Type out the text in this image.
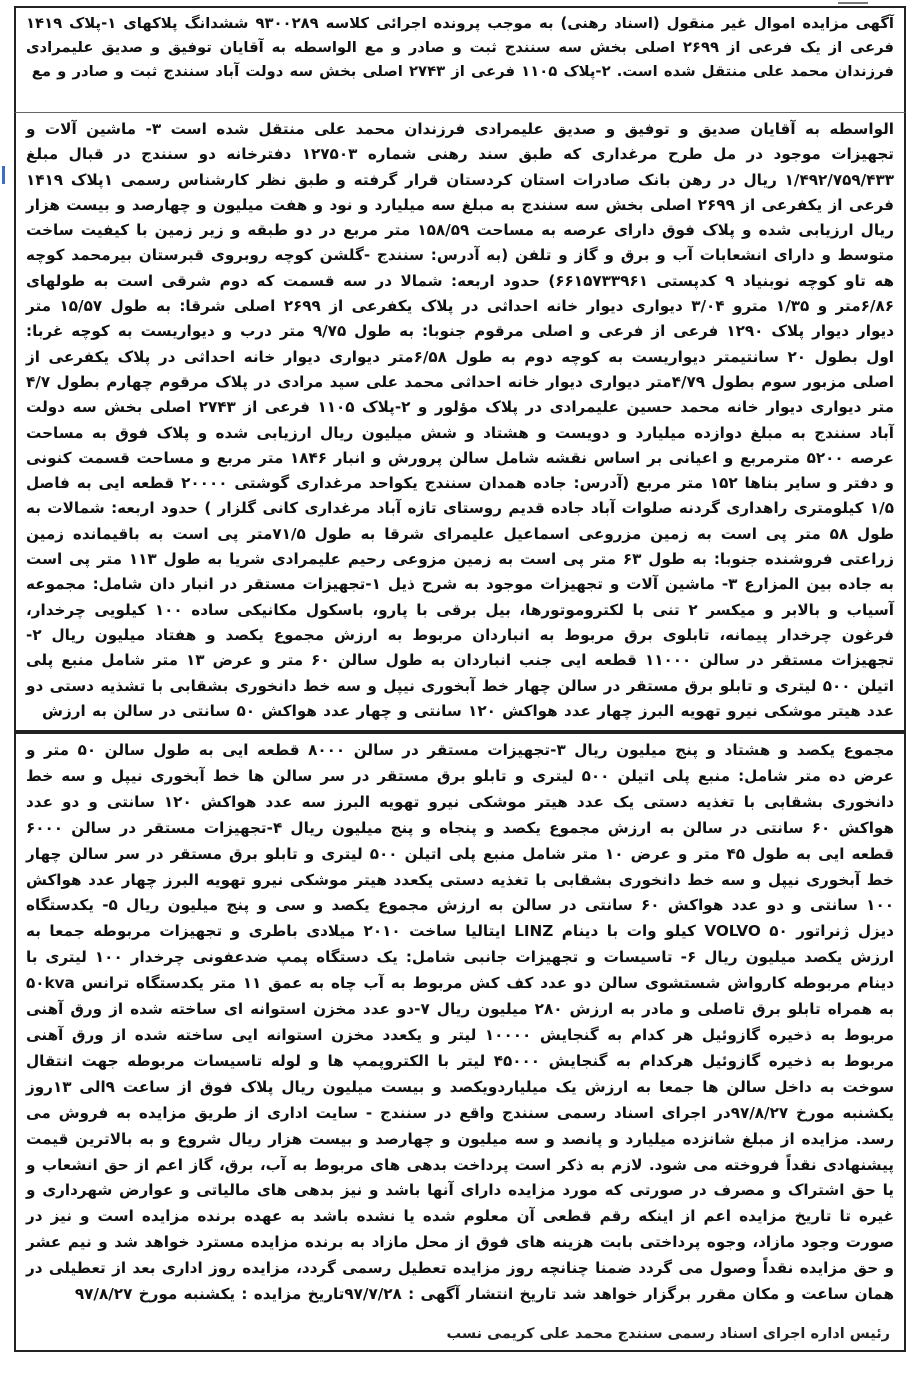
آگهی مزایده اموال غیر منقول (اسناد رهنی) به موجب پرونده اجرائی کلاسه ۹۳۰۰۲۸۹ ششدانگ پلاکهای ۱-پلاک ۱۴۱۹ فرعی از یک فرعی از ۲۶۹۹ اصلی بخش سه سنندج ثبت و صادر و مع الواسطه به آقایان توفیق و صدیق علیمرادی فرزندان محمد علی منتقل شده است. ۲-پلاک ۱۱۰۵ فرعی از ۲۷۴۳ اصلی بخش سه دولت آباد سنندج ثبت و صادر و مع

الواسطه به آقایان صدیق و توفیق و صدیق علیمرادی فرزندان محمد علی منتقل شده است ۳- ماشین آلات و تجهیزات موجود در مل طرح مرغداری که طبق سند رهنی شماره ۱۲۷۵۰۳ دفترخانه دو سنندج در قبال مبلغ ۱/۴۹۲/۷۵۹/۴۳۳ ریال در رهن بانک صادرات استان کردستان قرار گرفته و طبق نظر کارشناس رسمی ۱پلاک ۱۴۱۹ فرعی از یکفرعی از ۲۶۹۹ اصلی بخش سه سنندج به مبلغ سه میلیارد و نود و هفت میلیون و چهارصد و بیست هزار ریال ارزیابی شده و پلاک فوق دارای عرصه به مساحت ۱۵۸/۵۹ متر مربع در دو طبقه و زیر زمین با کیفیت ساخت متوسط و دارای انشعابات آب و برق و گاز و تلفن (به آدرس: سنندج -گلشن کوچه روبروی قبرستان بیرمحمد کوچه هه تاو کوچه نوبنیاد ۹ کدپستی ۶۶۱۵۷۳۳۹۶۱) حدود اربعه: شمالا در سه قسمت که دوم شرقی است به طولهای ۶/۸۶متر و ۱/۳۵ مترو ۳/۰۴ دیواری دیوار خانه احداثی در پلاک یکفرعی از ۲۶۹۹ اصلی شرقا: به طول ۱۵/۵۷ متر دیوار دیوار پلاک ۱۲۹۰ فرعی از فرعی و اصلی مرقوم جنوبا: به طول ۹/۷۵ متر درب و دیواریست به کوچه غربا: اول بطول ۲۰ سانتیمتر دیواریست به کوچه دوم به طول ۶/۵۸متر دیواری دیوار خانه احداثی در پلاک یکفرعی از اصلی مزبور سوم بطول ۴/۷۹متر دیواری دیوار خانه احداثی محمد علی سید مرادی در پلاک مرقوم چهارم بطول ۴/۷ متر دیواری دیوار خانه محمد حسین علیمرادی در پلاک مؤلور و ۲-پلاک ۱۱۰۵ فرعی از ۲۷۴۳ اصلی بخش سه دولت آباد سنندج به مبلغ دوازده میلیارد و دویست و هشتاد و شش میلیون ریال ارزیابی شده و پلاک فوق به مساحت عرصه ۵۲۰۰ مترمربع و اعیانی بر اساس نقشه شامل سالن پرورش و انبار ۱۸۴۶ متر مربع و مساحت قسمت کنونی و دفتر و سایر بناها ۱۵۲ متر مربع (آدرس: جاده همدان سنندج یکواحد مرغداری گوشتی ۲۰۰۰۰ قطعه ایی به فاصل ۱/۵ کیلومتری راهداری گردنه صلوات آباد جاده قدیم روستای تازه آباد مرغداری کانی گلزار ) حدود اربعه: شمالات به طول ۵۸ متر پی است به زمین مزروعی اسماعیل علیمرای شرقا به طول ۷۱/۵متر پی است به باقیمانده زمین زراعتی فروشنده جنوبا: به طول ۶۳ متر پی است به زمین مزوعی رحیم علیمرادی شریا به طول ۱۱۳ متر پی است به جاده بین المزارع ۳- ماشین آلات و تجهیزات موجود به شرح ذیل ۱-تجهیزات مستقر در انبار دان شامل: مجموعه آسیاب و بالابر و میکسر ۲ تنی با لکتروموتورها، بیل برقی با پارو، باسکول مکانیکی ساده ۱۰۰ کیلویی چرخدار، فرغون چرخدار پیمانه، تابلوی برق مربوط به انباردان مربوط به ارزش مجموع یکصد و هفتاد میلیون ریال ۲-تجهیزات مستقر در سالن ۱۱۰۰۰ قطعه ایی جنب انباردان به طول سالن ۶۰ متر و عرض ۱۳ متر شامل منبع پلی اتیلن ۵۰۰ لیتری و تابلو برق مستقر در سالن چهار خط آبخوری نیپل و سه خط دانخوری بشقابی با تشذیه دستی دو عدد هیتر موشکی نیرو تهویه البرز چهار عدد هواکش ۱۲۰ سانتی و چهار عدد هواکش ۵۰ سانتی در سالن به ارزش

مجموع یکصد و هشتاد و پنج میلیون ریال ۳-تجهیزات مستقر در سالن ۸۰۰۰ قطعه ایی به طول سالن ۵۰ متر و عرض ده متر شامل: منبع پلی اتیلن ۵۰۰ لیتری و تابلو برق مستقر در سر سالن ها خط آبخوری نیپل و سه خط دانخوری بشقابی با تغذیه دستی یک عدد هیتر موشکی نیرو تهویه البرز سه عدد هواکش ۱۲۰ سانتی و دو عدد هواکش ۶۰ سانتی در سالن به ارزش مجموع یکصد و پنجاه و پنج میلیون ریال ۴-تجهیزات مستقر در سالن ۶۰۰۰ قطعه ایی به طول ۴۵ متر و عرض ۱۰ متر شامل منبع پلی اتیلن ۵۰۰ لیتری و تابلو برق مستقر در سر سالن چهار خط آبخوری نیپل و سه خط دانخوری بشقابی با تغذیه دستی یکعدد هیتر موشکی نیرو تهویه البرز چهار عدد هواکش ۱۰۰ سانتی و دو عدد هواکش ۶۰ سانتی در سالن به ارزش مجموع یکصد و سی و پنج میلیون ریال ۵- یکدستگاه دیزل ژنراتور VOLVO ۵۰ کیلو وات با دینام LINZ ایتالیا ساخت ۲۰۱۰ میلادی باطری و تجهیزات مربوطه جمعا به ارزش یکصد میلیون ریال ۶- تاسیسات و تجهیزات جانبی شامل: یک دستگاه پمپ ضدعفونی چرخدار ۱۰۰ لیتری با دینام مربوطه کارواش شستشوی سالن دو عدد کف کش مربوط به آب چاه به عمق ۱۱ متر یکدستگاه ترانس ۵۰kva به همراه تابلو برق تاصلی و مادر به ارزش ۲۸۰ میلیون ریال ۷-دو عدد مخزن استوانه ای ساخته شده از ورق آهنی مربوط به ذخیره گازوئیل هر کدام به گنجایش ۱۰۰۰۰ لیتر و یکعدد مخزن استوانه ایی ساخته شده از ورق آهنی مربوط به ذخیره گازوئیل هرکدام به گنجایش ۴۵۰۰۰ لیتر با الکتروپمپ ها و لوله تاسیسات مربوطه جهت انتقال سوخت به داخل سالن ها جمعا به ارزش یک میلیاردویکصد و بیست میلیون ریال پلاک فوق از ساعت ۹الی ۱۳روز یکشنبه مورخ ۹۷/۸/۲۷در اجرای اسناد رسمی سنندج واقع در سنندج - سایت اداری از طریق مزایده به فروش می رسد. مزایده از مبلغ شانزده میلیارد و پانصد و سه میلیون و چهارصد و بیست هزار ریال شروع و به بالاترین قیمت پیشنهادی نقداً فروخته می شود. لازم به ذکر است پرداخت بدهی های مربوط به آب، برق، گاز اعم از حق انشعاب و یا حق اشتراک و مصرف در صورتی که مورد مزایده دارای آنها باشد و نیز بدهی های مالیاتی و عوارض شهرداری و غیره تا تاریخ مزایده اعم از اینکه رقم قطعی آن معلوم شده یا نشده باشد به عهده برنده مزایده است و نیز در صورت وجود مازاد، وجوه پرداختی بابت هزینه های فوق از محل مازاد به برنده مزایده مسترد خواهد شد و نیم عشر و حق مزایده نقداً وصول می گردد ضمنا چنانچه روز مزایده تعطیل رسمی گردد، مزایده روز اداری بعد از تعطیلی در همان ساعت و مکان مقرر برگزار خواهد شد تاریخ انتشار آگهی : ۹۷/۷/۲۸تاریخ مزایده : یکشنبه مورخ ۹۷/۸/۲۷

رئیس اداره اجرای اسناد رسمی سنندج محمد علی کریمی نسب
